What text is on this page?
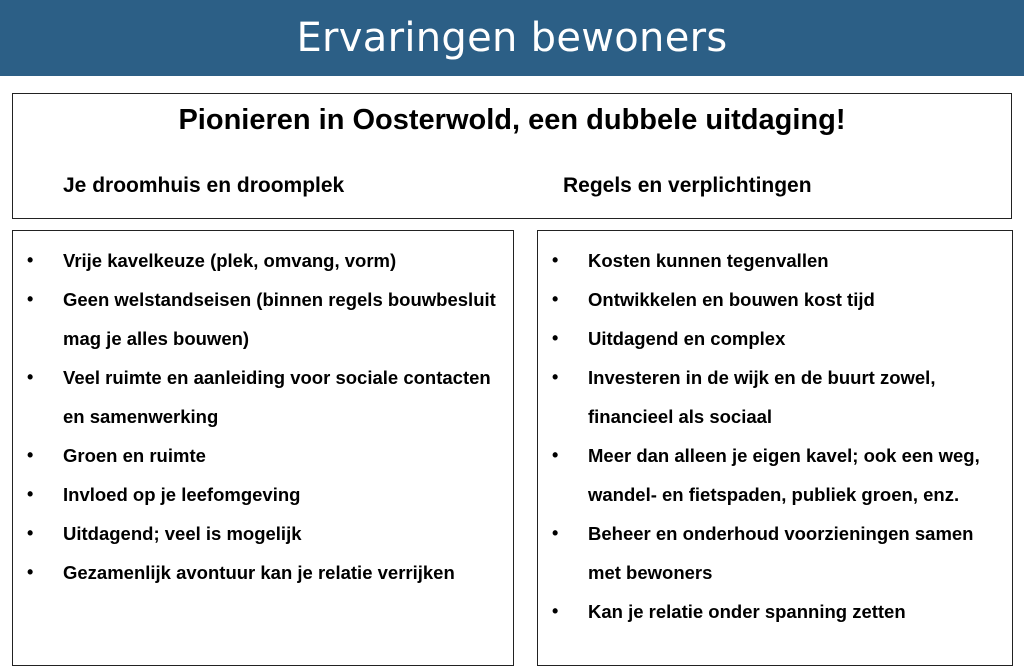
Ervaringen bewoners
Pionieren in Oosterwold, een dubbele uitdaging!
Je droomhuis en droomplek	Regels en verplichtingen
• Vrije kavelkeuze (plek, omvang, vorm)
• Geen welstandseisen (binnen regels bouwbesluit mag je alles bouwen)
• Veel ruimte en aanleiding voor sociale contacten en samenwerking
• Groen en ruimte
• Invloed op je leefomgeving
• Uitdagend; veel is mogelijk
• Gezamenlijk avontuur kan je relatie verrijken
• Kosten kunnen tegenvallen
• Ontwikkelen en bouwen kost tijd
• Uitdagend en complex
• Investeren in de wijk en de buurt zowel, financieel als sociaal
• Meer dan alleen je eigen kavel; ook een weg, wandel- en fietspaden, publiek groen, enz.
• Beheer en onderhoud voorzieningen samen met bewoners
• Kan je relatie onder spanning zetten
